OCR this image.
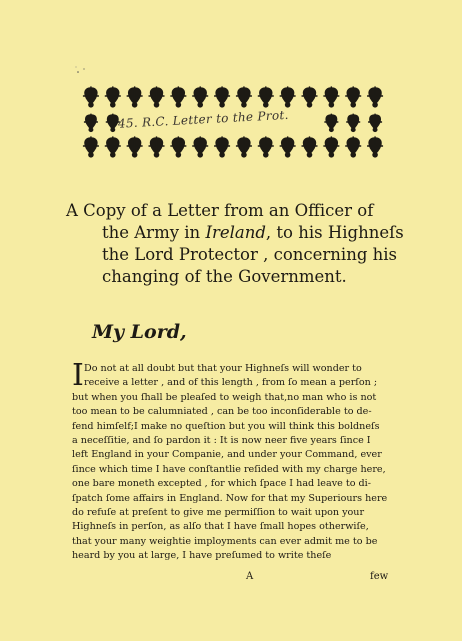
45. R.C. Letter to the Prot.
A Copy of a Letter from an Officer of
the Army in Ireland, to his Highneſs
the Lord Protector , concerning his
changing of the Government.
My Lord,
I Do not at all doubt but that your Highneſs will wonder to
receive a letter , and of this length , from ſo mean a perſon ;
but when you ſhall be pleaſed to weigh that,no man who is not
too mean to be calumniated , can be too inconſiderable to de-
fend himſelf;I make no queſtion but you will think this boldneſs
a neceſſitie, and ſo pardon it : It is now neer five years ſince I
left England in your Companie, and under your Command, ever
ſince which time I have conſtantlie reſided with my charge here,
one bare moneth excepted , for which ſpace I had leave to di-
ſpatch ſome affairs in England. Now for that my Superiours here
do refuſe at preſent to give me permiſſion to wait upon your
Highneſs in perſon, as alſo that I have ſmall hopes otherwiſe,
that your many weightie imployments can ever admit me to be
heard by you at large, I have preſumed to write theſe
A	few
